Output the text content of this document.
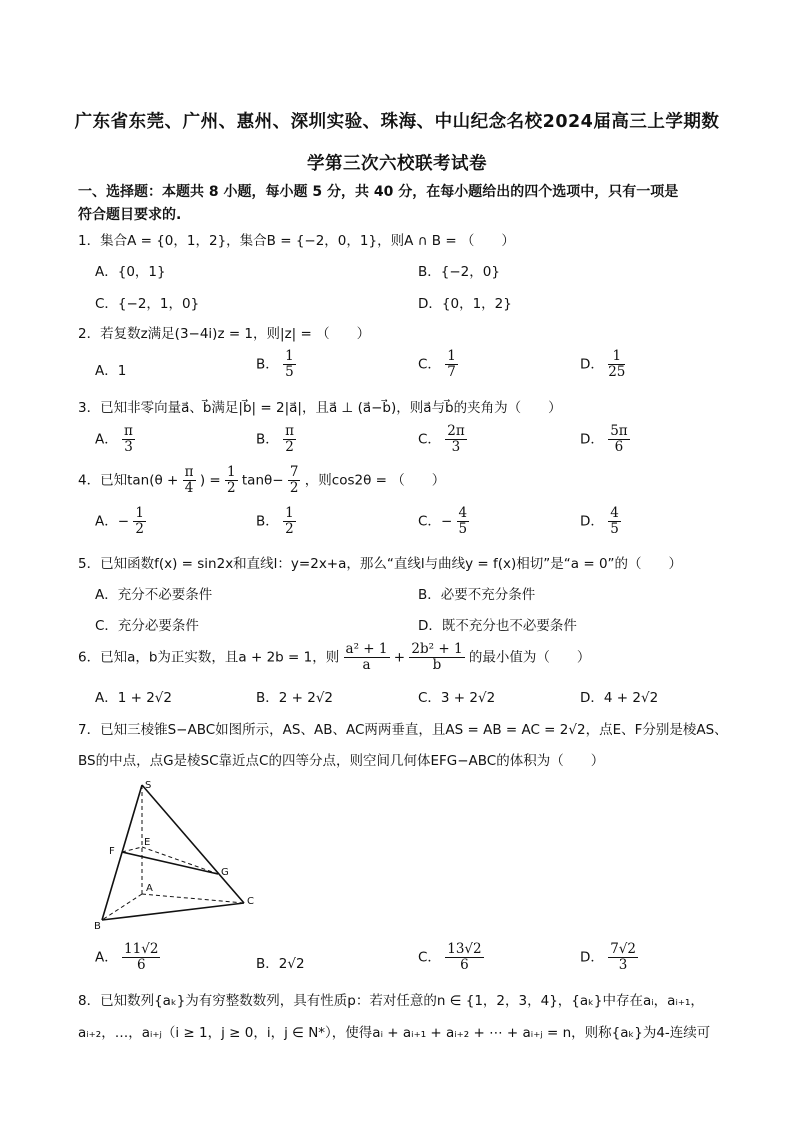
广东省东莞、广州、惠州、深圳实验、珠海、中山纪念名校2024届高三上学期数
学第三次六校联考试卷
一、选择题：本题共 8 小题，每小题 5 分，共 40 分，在每小题给出的四个选项中，只有一项是
符合题目要求的.
1．集合A = {0，1，2}，集合B = {−2，0，1}，则A ∩ B = （　　）
A．{0，1}	B．{−2，0}
C．{−2，1，0}	D．{0，1，2}
2．若复数z满足(3−4i)z = 1，则|z| = （　　）
A．1	B． $\frac{1}{5}$	C． $\frac{1}{7}$	D． $\frac{1}{25}$
3．已知非零向量a⃗、b⃗满足|b⃗| = 2|a⃗|，且a⃗ ⊥ (a⃗−b⃗)，则a⃗与b⃗的夹角为（　　）
A． $\frac{\pi}{3}$	B． $\frac{\pi}{2}$	C． $\frac{2\pi}{3}$	D． $\frac{5\pi}{6}$
4．已知$\tan(\theta + \frac{\pi}{4}$ ) = $\frac{1}{2} \tan\theta- \frac{7}{2}$ ，则cos2θ = （　　）
A．− $\frac{1}{2}$	B． $\frac{1}{2}$	C．− $\frac{4}{5}$	D． $\frac{4}{5}$
5．已知函数f(x) = sin2x和直线l：y=2x+a，那么“直线l与曲线y = f(x)相切”是“a = 0”的（　　）
A．充分不必要条件	B．必要不充分条件
C．充分必要条件	D．既不充分也不必要条件
6．已知a，b为正实数，且a + 2b = 1，则 $\frac{\text{a² + 1}}{a} + \frac{\text{2b² + 1}}{b}$ 的最小值为（　　）
A．1 + 2√2	B．2 + 2√2	C．3 + 2√2	D．4 + 2√2
7．已知三棱锥S−ABC如图所示，AS、AB、AC两两垂直，且AS = AB = AC = 2√2，点E、F分别是棱AS、
BS的中点，点G是棱SC靠近点C的四等分点，则空间几何体EFG−ABC的体积为（　　）
S
E
F
G
A
B
C
A． $\frac{11√2}{6}$	B．2√2	C． $\frac{13√2}{6}$	D． $\frac{7√2}{3}$
8．已知数列{aₖ}为有穷整数数列，具有性质p：若对任意的n ∈ {1，2，3，4}，{aₖ}中存在aᵢ，aᵢ₊₁，
aᵢ₊₂，…，aᵢ₊ⱼ（i ≥ 1，j ≥ 0，i，j ∈ N*），使得aᵢ + aᵢ₊₁ + aᵢ₊₂ + ⋯ + aᵢ₊ⱼ = n，则称{aₖ}为4-连续可
